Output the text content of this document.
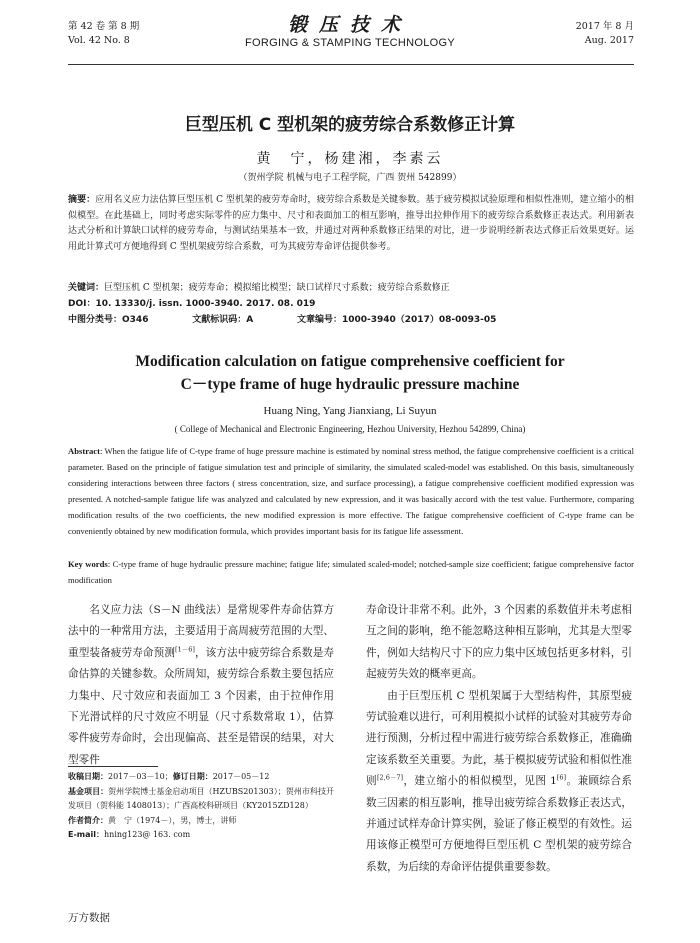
第 42 卷 第 8 期
Vol. 42 No. 8
锻压技术
FORGING & STAMPING TECHNOLOGY
2017 年 8 月
Aug. 2017
巨型压机 C 型机架的疲劳综合系数修正计算
黄　宁，杨建湘，李素云
（贺州学院 机械与电子工程学院，广西 贺州 542899）
摘要：应用名义应力法估算巨型压机 C 型机架的疲劳寿命时，疲劳综合系数是关键参数。基于疲劳模拟试验原理和相似性准则，建立缩小的相似模型。在此基础上，同时考虑实际零件的应力集中、尺寸和表面加工的相互影响，推导出拉伸作用下的疲劳综合系数修正表达式。利用新表达式分析和计算缺口试样的疲劳寿命，与测试结果基本一致，并通过对两种系数修正结果的对比，进一步说明经新表达式修正后效果更好。运用此计算式可方便地得到 C 型机架疲劳综合系数，可为其疲劳寿命评估提供参考。
关键词：巨型压机 C 型机架；疲劳寿命；模拟缩比模型；缺口试样尺寸系数；疲劳综合系数修正
DOI：10. 13330/j. issn. 1000-3940. 2017. 08. 019
中图分类号：O346	文献标识码：A	文章编号：1000-3940（2017）08-0093-05
Modification calculation on fatigue comprehensive coefficient for
C－type frame of huge hydraulic pressure machine
Huang Ning, Yang Jianxiang, Li Suyun
( College of Mechanical and Electronic Engineering, Hezhou University, Hezhou 542899, China)
Abstract: When the fatigue life of C-type frame of huge pressure machine is estimated by nominal stress method, the fatigue comprehensive coefficient is a critical parameter. Based on the principle of fatigue simulation test and principle of similarity, the simulated scaled-model was established. On this basis, simultaneously considering interactions between three factors ( stress concentration, size, and surface processing), a fatigue comprehensive coefficient modified expression was presented. A notched-sample fatigue life was analyzed and calculated by new expression, and it was basically accord with the test value. Furthermore, comparing modification results of the two coefficients, the new modified expression is more effective. The fatigue comprehensive coefficient of C-type frame can be conveniently obtained by new modification formula, which provides important basis for its fatigue life assessment.
Key words: C-type frame of huge hydraulic pressure machine; fatigue life; simulated scaled-model; notched-sample size coefficient; fatigue comprehensive factor modification

名义应力法（S－N 曲线法）是常规零件寿命估算方法中的一种常用方法，主要适用于高周疲劳范围的大型、重型装备疲劳寿命预测[1－6]，该方法中疲劳综合系数是寿命估算的关键参数。众所周知，疲劳综合系数主要包括应力集中、尺寸效应和表面加工 3 个因素，由于拉伸作用下光滑试样的尺寸效应不明显（尺寸系数常取 1），估算零件疲劳寿命时，会出现偏高、甚至是错误的结果，对大型零件

寿命设计非常不利。此外，3 个因素的系数值并未考虑相互之间的影响，绝不能忽略这种相互影响，尤其是大型零件，例如大结构尺寸下的应力集中区域包括更多材料，引起疲劳失效的概率更高。

由于巨型压机 C 型机架属于大型结构件，其原型疲劳试验难以进行，可利用模拟小试样的试验对其疲劳寿命进行预测，分析过程中需进行疲劳综合系数修正，准确确定该系数至关重要。为此，基于模拟疲劳试验和相似性准则[2,6－7]，建立缩小的相似模型，见图 1[6]。兼顾综合系数三因素的相互影响，推导出疲劳综合系数修正表达式，并通过试样寿命计算实例，验证了修正模型的有效性。运用该修正模型可方便地得巨型压机 C 型机架的疲劳综合系数，为后续的寿命评估提供重要参数。

收稿日期：2017－03－10；修订日期：2017－05－12
基金项目：贺州学院博士基金启动项目（HZUBS201303）；贺州市科技开发项目（贺科能 1408013）；广西高校科研项目（KY2015ZD128）
作者简介：黄　宁（1974－），男，博士，讲师
E-mail：hning123@ 163. com
万方数据
